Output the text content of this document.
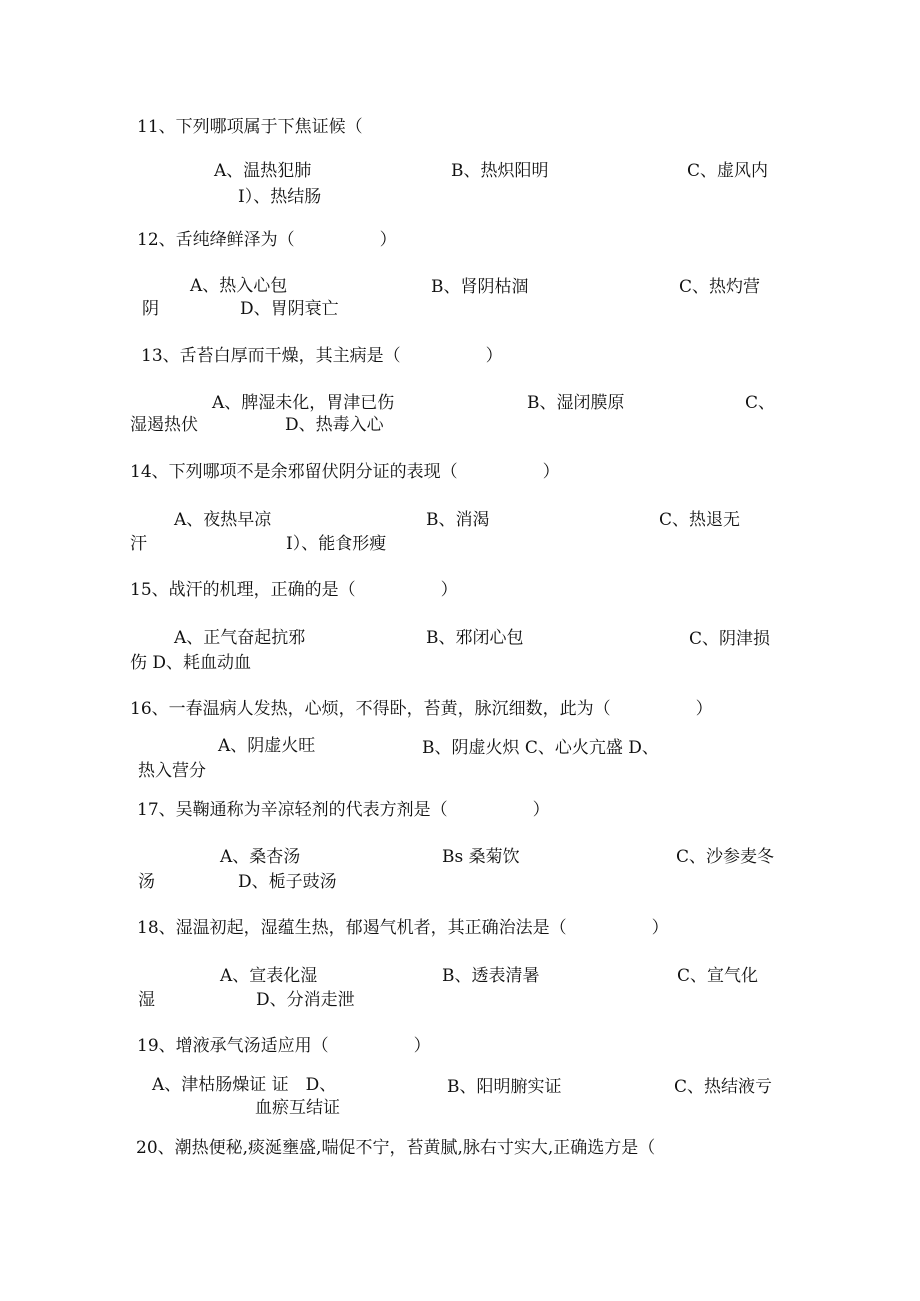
11、下列哪项属于下焦证候（
A、温热犯肺	B、热炽阳明	C、虚风内
I）、热结肠
12、舌纯绛鲜泽为（　　　　　）
A、热入心包	B、肾阴枯涸	C、热灼营
阴	D、胃阴衰亡
13、舌苔白厚而干燥，其主病是（　　　　　）
A、脾湿未化，胃津已伤	B、湿闭膜原	C、
湿遏热伏	D、热毒入心
14、下列哪项不是余邪留伏阴分证的表现（　　　　　）
A、夜热早凉	B、消渴	C、热退无
汗	I）、能食形瘦
15、战汗的机理，正确的是（　　　　　）
A、正气奋起抗邪	B、邪闭心包	C、阴津损
伤 D、耗血动血
16、一春温病人发热，心烦，不得卧，苔黄，脉沉细数，此为（　　　　　）
A、阴虚火旺	B、阴虚火炽 C、心火亢盛 D、
热入营分
17、吴鞠通称为辛凉轻剂的代表方剂是（　　　　　）
A、桑杏汤	Bs 桑菊饮	C、沙参麦冬
汤	D、栀子豉汤
18、湿温初起，湿蕴生热，郁遏气机者，其正确治法是（　　　　　）
A、宣表化湿	B、透表清暑	C、宣气化
湿	D、分消走泄
19、增液承气汤适应用（　　　　　）
A、津枯肠燥证 证　D、	B、阳明腑实证	C、热结液亏
血瘀互结证
20、潮热便秘,痰涎壅盛,喘促不宁，苔黄腻,脉右寸实大,正确选方是（
